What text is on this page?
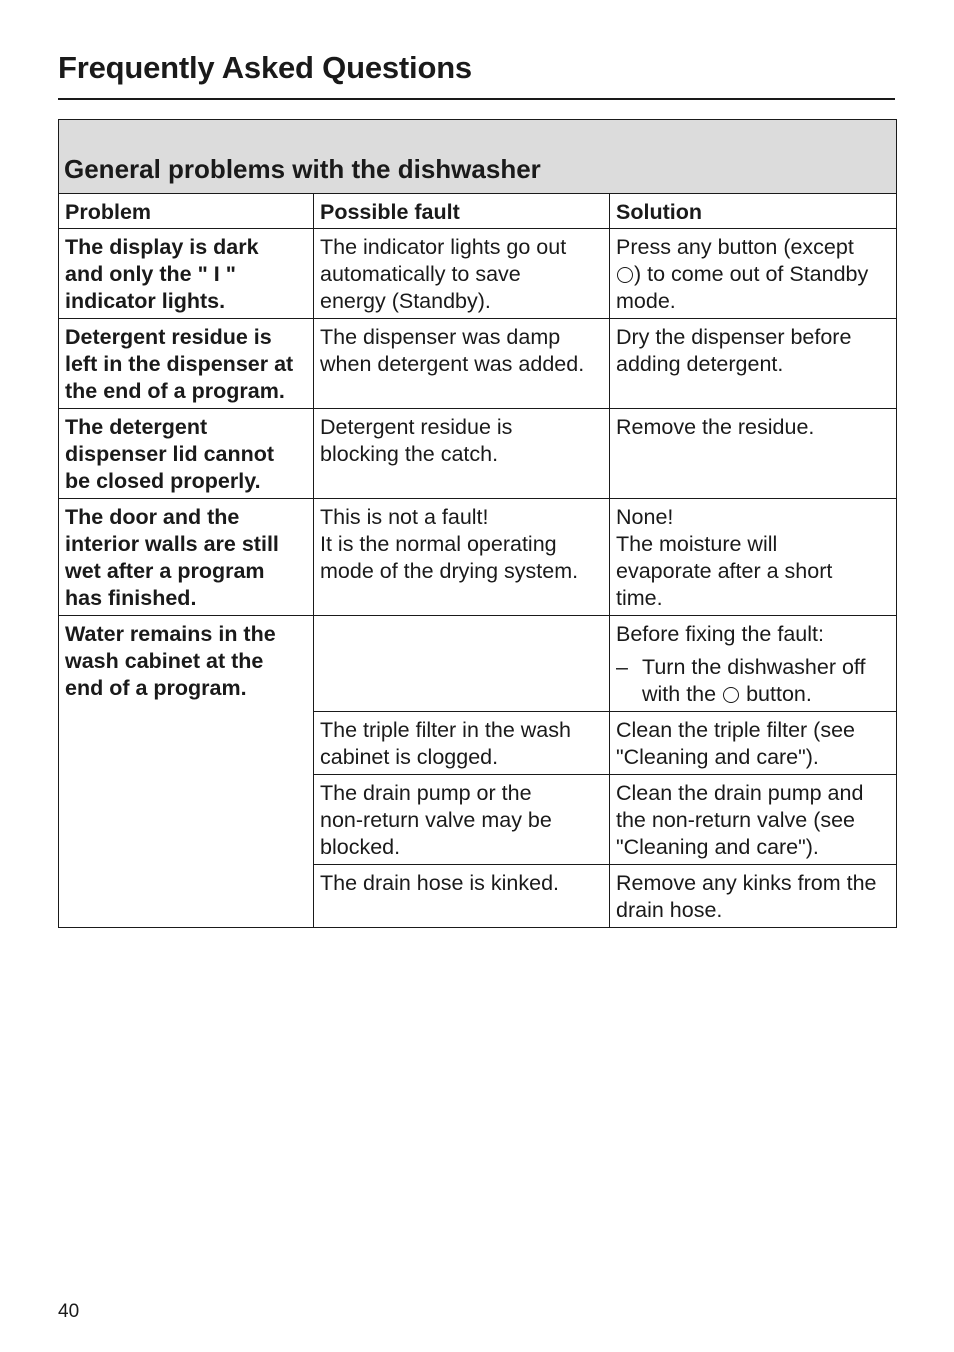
Frequently Asked Questions
General problems with the dishwasher		
Problem	Possible fault	Solution

The display is dark
and only the " I "
indicator lights.	The indicator lights go out
automatically to save
energy (Standby).	Press any button (except
) to come out of Standby
mode.

Detergent residue is
left in the dispenser at
the end of a program.	The dispenser was damp
when detergent was added.	Dry the dispenser before
adding detergent.

The detergent
dispenser lid cannot
be closed properly.	Detergent residue is
blocking the catch.	Remove the residue.

The door and the
interior walls are still
wet after a program
has finished.	This is not a fault!
It is the normal operating
mode of the drying system.	None!
The moisture will
evaporate after a short
time.

Water remains in the
wash cabinet at the
end of a program.		Before fixing the fault:
– Turn the dishwasher off
with the button.

	The triple filter in the wash
cabinet is clogged.	Clean the triple filter (see
"Cleaning and care").

	The drain pump or the
non-return valve may be
blocked.	Clean the drain pump and
the non-return valve (see
"Cleaning and care").

	The drain hose is kinked.	Remove any kinks from the
drain hose.
40
